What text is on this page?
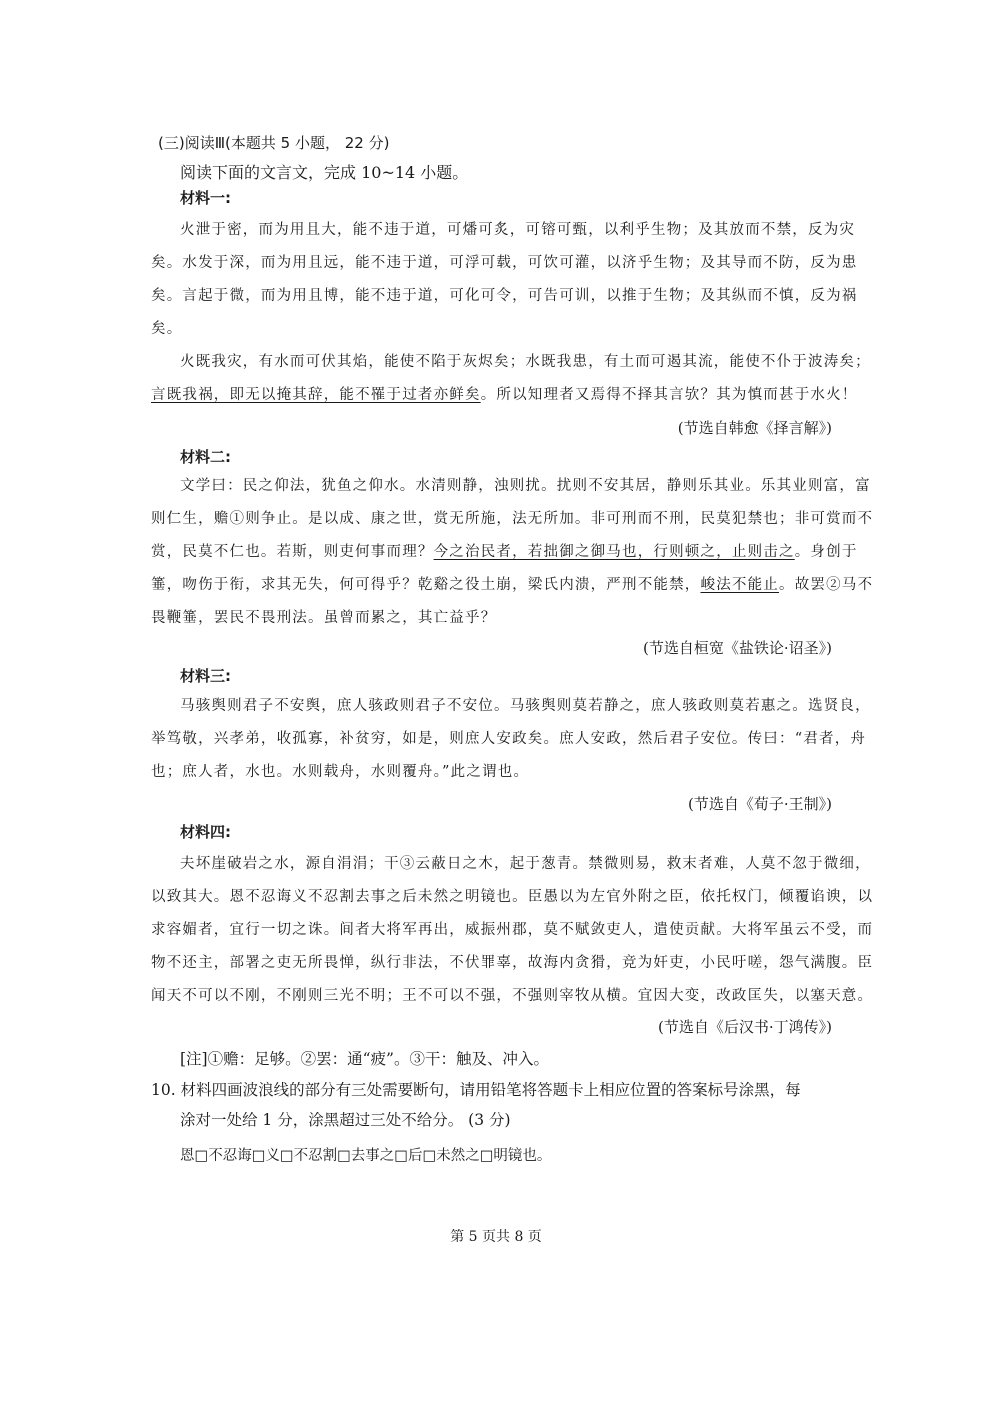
(三)阅读Ⅲ(本题共 5 小题， 22 分)
阅读下面的文言文，完成 10~14 小题。
材料一:
火泄于密，而为用且大，能不违于道，可燔可炙，可镕可甄，以利乎生物；及其放而不禁，反为灾
矣。水发于深，而为用且远，能不违于道，可浮可载，可饮可灌，以济乎生物；及其导而不防，反为患
矣。言起于微，而为用且博，能不违于道，可化可令，可告可训，以推于生物；及其纵而不慎，反为祸
矣。
火既我灾，有水而可伏其焰，能使不陷于灰烬矣；水既我患，有土而可遏其流，能使不仆于波涛矣；
言既我祸，即无以掩其辞，能不罹于过者亦鲜矣。所以知理者又焉得不择其言欤？其为慎而甚于水火！
(节选自韩愈《择言解》)
材料二:
文学曰：民之仰法，犹鱼之仰水。水清则静，浊则扰。扰则不安其居，静则乐其业。乐其业则富，富
则仁生，赡①则争止。是以成、康之世，赏无所施，法无所加。非可刑而不刑，民莫犯禁也；非可赏而不
赏，民莫不仁也。若斯，则吏何事而理？今之治民者，若拙御之御马也，行则顿之，止则击之。身创于
箠，吻伤于衔，求其无失，何可得乎？乾谿之役土崩，梁氏内溃，严刑不能禁，峻法不能止。故罢②马不
畏鞭箠，罢民不畏刑法。虽曾而累之，其亡益乎？
(节选自桓宽《盐铁论·诏圣》)
材料三:
马骇舆则君子不安舆，庶人骇政则君子不安位。马骇舆则莫若静之，庶人骇政则莫若惠之。选贤良，
举笃敬，兴孝弟，收孤寡，补贫穷，如是，则庶人安政矣。庶人安政，然后君子安位。传曰：“君者，舟
也；庶人者，水也。水则载舟，水则覆舟。”此之谓也。
(节选自《荀子·王制》)
材料四:
夫坏崖破岩之水，源自涓涓；干③云蔽日之木，起于葱青。禁微则易，救末者难，人莫不忽于微细，
以致其大。恩不忍诲义不忍割去事之后未然之明镜也。臣愚以为左官外附之臣，依托权门，倾覆谄谀，以
求容媚者，宜行一切之诛。间者大将军再出，威振州郡，莫不赋敛吏人，遣使贡献。大将军虽云不受，而
物不还主，部署之吏无所畏惮，纵行非法，不伏罪辜，故海内贪猾，竞为奸吏，小民吁嗟，怨气满腹。臣
闻天不可以不刚，不刚则三光不明；王不可以不强，不强则宰牧从横。宜因大变，改政匡失，以塞天意。
(节选自《后汉书·丁鸿传》)
[注]①赡：足够。②罢：通“疲”。③干：触及、冲入。
10. 材料四画波浪线的部分有三处需要断句，请用铅笔将答题卡上相应位置的答案标号涂黑，每
涂对一处给 1 分，涂黑超过三处不给分。 (3 分)
恩□不忍诲□义□不忍割□去事之□后□未然之□明镜也。
第 5 页共 8 页
